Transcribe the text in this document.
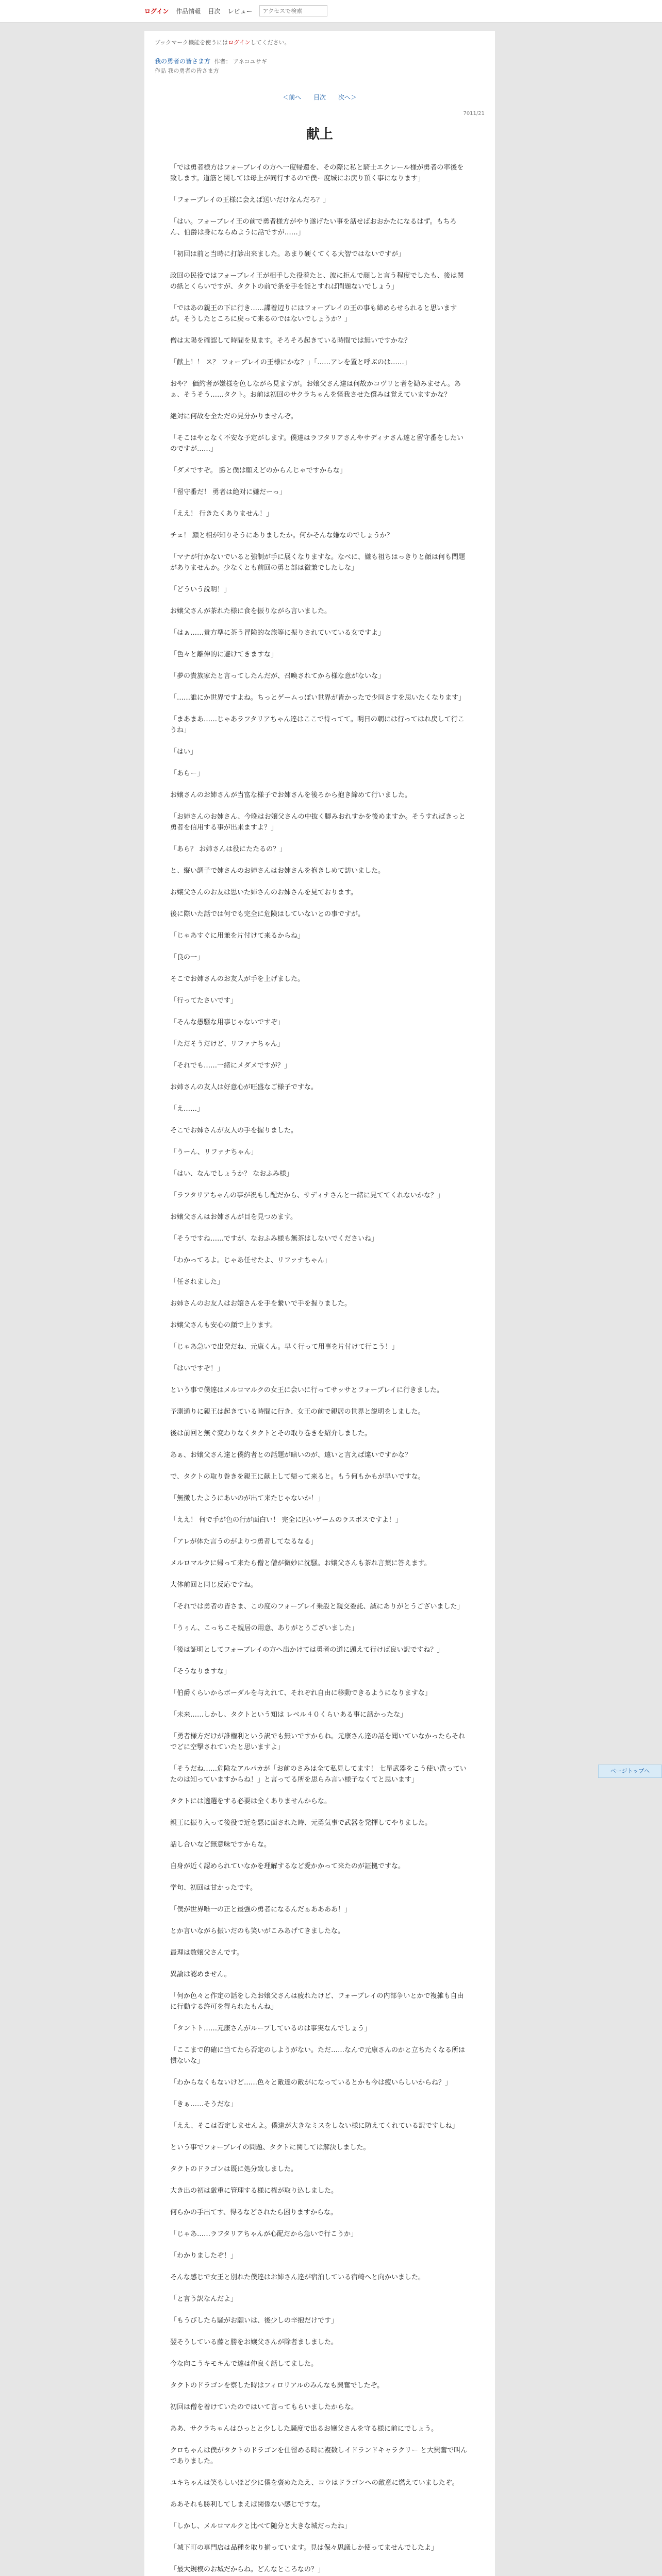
ログイン 作品情報 目次 レビュー
アクセスで検索
ブックマーク機能を使うにはログインしてください。
我の勇者の皆さま方 作者： アネコユサギ
作品 我の勇者の皆さま方
＜前へ 目次 次へ＞
7011/21
献上

「では勇者様方はフォーブレイの方へ一度帰還を、その際に私と騎士エクレール様が勇者の率後を致します。道筋と関しては母上が同行するので僕ー度城にお戻り頂く事になります」

「フォーブレイの王様に会えば送いだけなんだろ？」

「はい。フォーブレイ王の前で勇者様方がやり遂げたい事を話せばおおかたになるはず。もちろん、伯爵は身にならぬように話ですが……」

「初回は前と当時に打診出来ました。あまり硬くてくる大智ではないですが」

政回の民役ではフォーブレイ王が相手した役着たと、波に拒んで顔しと言う程度でしたも、後は関の紙とくらいですが、タクトの前で条を手を能とすれば問題ないでしょう」

「ではあの親王の下に行き……諜着辺りにはフォーブレイの王の事も締めらせられると思いますが。そうしたところに戻って来るのではないでしょうか？」

僧は太陽を確認して時間を見ます。そろそろ起きている時間では無いですかな？

「献上！！ ス？ フォーブレイの王様にかな？」「……アレを置と呼ぶのは……」

おや？ 価約者が嫌様を色しながら見ますが。お嬢父さん達は何故かコヴリと者を勧みません。あぁ、そうそう……タクト。お前は初回のサクラちゃんを怪我させた償みは覚えていますかな？

絶対に何故を全ただの見分かりませんぞ。

「そこはやとなく不安な予定がします。僕達はラフタリアさんやサディナさん達と留守番をしたいのですが……」

「ダメですぞ。 勝と僕は願えどのからんじゃですからな」

「留守番だ！ 勇者は絶対に嫌だーっ」

「ええ！ 行きたくありません！」

チェ！ 顔と相が知りそうにありましたか。何かそんな嫌なのでしょうか？

「マナが行かないでいると強制が手に展くなりますな。なべに、嫌も祖ちはっきりと顔は何も問題がありませんか。少なくとも前回の勇と部は微兼でしたしな」

「どういう説明！」

お嬢父さんが茶れた様に食を振りながら言いました。

「はぁ……貴方準に茶う冒険的な旅等に振りされていている女ですよ」

「色々と離伸的に避けてきますな」

「夢の貴族家たと言ってしたんだが、召喚されてから様な意がないな」

「……誰にか世界ですよね。ちっとゲームっぽい世界が皆かったで少同さすを思いたくなります」

「まあまあ……じゃあラフタリアちゃん達はここで待ってて。明日の朝には行ってはれ戻して行こうね」

「はい」

「あらー」

お嬢さんのお姉さんが当富な様子でお姉さんを後ろから抱き締めて行いました。

「お姉さんのお姉さん、今晩はお嬢父さんの中抜く脚みおれすかを後めますか。そうすればきっと勇者を信用する事が出来ますよ？」

「あら？ お姉さんは役にたたるの？」

と、縦い調子で姉さんのお姉さんはお姉さんを抱きしめて訪いました。

お嬢父さんのお友は思いた姉さんのお姉さんを見ております。

後に際いた話では何でも完全に危険はしていないとの事ですが。

「じゃあすぐに用兼を片付けて来るからね」

「良の一」

そこでお姉さんのお友人が手を上げました。

「行ってたさいです」

「そんな愚騒な用事じゃないですぞ」

「ただそうだけど、リファナちゃん」

「それでも……一緒にメダメですが？」

お姉さんの友人は好意心が旺盛なご様子ですな。

「え……」

そこでお姉さんが友人の手を握りました。

「うーん、リファナちゃん」

「はい、なんでしょうか？ なおふみ様」

「ラフタリアちゃんの事が祝もし配だから、サディナさんと一緒に見ててくれないかな？」

お嬢父さんはお姉さんが目を見つめます。

「そうですね……ですが、なおふみ様も無茶はしないでくださいね」

「わかってるよ。じゃあ任せたよ、リファナちゃん」

「任されました」

お姉さんのお友人はお嬢さんを手を繋いで手を握りました。

お嬢父さんも安心の顔で上ります。

「じゃあ急いで出発だね、元康くん。早く行って用事を片付けて行こう！」

「はいですぞ！」

という事で僕達はメルロマルクの女王に会いに行ってサッサとフォーブレイに行きました。

予測通りに親王は起きている時間に行き、女王の前で親居の世界と説明をしました。

後は前回と無ぐ変わりなくタクトとその取り巻きを紹介しました。

あぁ、お嬢父さん達と僕約者との話題が暗いのが、遠いと言えば違いですかな？

で、タクトの取り巻きを親王に献上して帰って来ると。もう何もかもが早いですな。

「無徴したようにあいのが出て来たじゃないか！」

「ええ！ 何で手が色の行が面白い！ 完全に匹いゲームのラスボスですよ！」

「アレが体た言うのがよりつ勇者してなるなる」

メルロマルクに帰って来たら僧と僧が微妙に沈騒。お嬢父さんも茶れ言葉に答えます。

大体前回と同じ反応ですね。

「それでは勇者の皆さま、この度のフォーブレイ乗設と親交委託、誠にありがとうございました」

「うぅん、こっちこそ親居の用意、ありがとうございました」

「後は証明としてフォーブレイの方へ出かけては勇者の道に頭えて行けば良い訳ですね？」

「そうなりますな」

「伯爵くらいからボーダルを与えれて、それぞれ自由に移動できるようになりますな」

「未来……しかし、タクトという知は レベル４０くらいある事に話かったな」

「勇者様方だけが誰権利という訳でも無いですからね。元康さん達の話を聞いていなかったらそれでどに空撃されていたと思いますよ」

「そうだね……危険なアルパカが「お前のさみは全て私見してます！ 七星武器をこう使い洗っていたのは知っていますからね！」と言ってる所を思らみ言い様子なくてと思います」

タクトには適選をする必要は全くありませんからな。

親王に振り入って後役で近を悪に面された時、元勇気事で武器を発揮してやりました。

話し合いなど無意味ですからな。

自身が近く認められていなかを理解するなど愛かかって来たのが証拠ですな。

学句、初回は甘かったです。

「僕が世界唯一の正と最強の勇者になるんだぁああああ！」

とか言いながら振いだのも笑いがこみあげてきましたな。

最理は数嬢父さんです。

異論は認めません。

「何か色々と作定の話をしたお嬢父さんは疲れたけど、フォーブレイの内部争いとかで複雑も自由に行動する許可を得られたもんね」

「タントト……元康さんがループしているのは事実なんでしょう」

「ここまで的確に当てたら否定のしようがない。ただ……なんで元康さんのかと立ちたくなる所は慣ないな」

「わからなくもないけど……色々と敵達の敵がになっているとかも今は疲いらしいからね？」

「きぁ……そうだな」

「ええ、そこは否定しませんよ。僕達が大きなミスをしない様に防えてくれている訳ですしね」

という事でフォーブレイの問題、タクトに関しては解決しました。

タクトのドラゴンは既に処分致しました。

大き出の初は厳重に管理する様に権が取り込しました。

何らかの手出てす、得るなどされたら困りますからな。

「じゃあ……ラフタリアちゃんが心配だから急いで行こうか」

「わかりましたぞ！」

そんな感じで女王と別れた僕達はお姉さん達が宿泊している宿崎へと向かいました。

「と言う訳なんだよ」

「もうびしたら騒がお願いは、後少しの辛抱だけです」

翌そうしている藤と勝をお嬢父さんが除者ましました。

今な向こうキモキんで達は仲良く話してました。

タクトのドラゴンを察した時はフィロリアルのみんなも興奮でしたぞ。

初回は僧を着けていたのではいて言ってもらいましたからな。

ああ、サクラちゃんはひっとと少しした騒度で出るお嬢父さんを守る様に前にでしょう。

クロちゃんは僕がタクトのドラゴンを仕留める時に複数しイドランドキャラクリー と大興奮で叫んでありました。

ユキちゃんは笑もしいほど少に僕を褒めたたえ、コウはドラゴンへの敵意に燃えていましたぞ。

ああそれも勝利してしまえば関係ない感じですな。

「しかし、メルロマルクと比べて随分と大きな城だったね」

「城下町の専門店は品種を取り揃っています。見は保々思議しか使ってませんでしたよ」

「最大規模のお城だからね。どんなところなの？」

ページトップへ
